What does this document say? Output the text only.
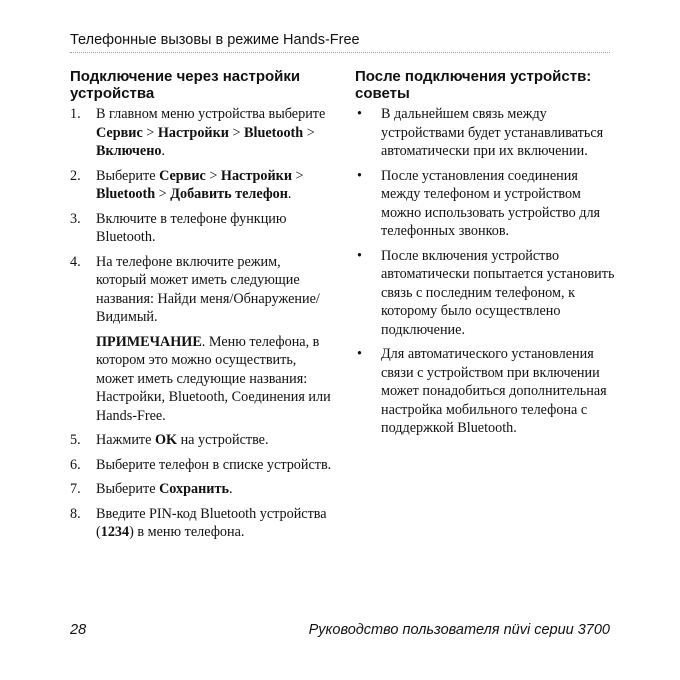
Телефонные вызовы в режиме Hands-Free
Подключение через настройки устройства
1. В главном меню устройства выберите Сервис > Настройки > Bluetooth > Включено.
2. Выберите Сервис > Настройки > Bluetooth > Добавить телефон.
3. Включите в телефоне функцию Bluetooth.
4. На телефоне включите режим, который может иметь следующие названия: Найди меня/Обнаружение/Видимый.

ПРИМЕЧАНИЕ. Меню телефона, в котором это можно осуществить, может иметь следующие названия: Настройки, Bluetooth, Соединения или Hands-Free.

5. Нажмите OK на устройстве.
6. Выберите телефон в списке устройств.
7. Выберите Сохранить.
8. Введите PIN-код Bluetooth устройства (1234) в меню телефона.
После подключения устройств: советы
• В дальнейшем связь между устройствами будет устанавливаться автоматически при их включении.
• После установления соединения между телефоном и устройством можно использовать устройство для телефонных звонков.
• После включения устройство автоматически попытается установить связь с последним телефоном, к которому было осуществлено подключение.
• Для автоматического установления связи с устройством при включении может понадобиться дополнительная настройка мобильного телефона с поддержкой Bluetooth.
28	Руководство пользователя nüvi серии 3700
